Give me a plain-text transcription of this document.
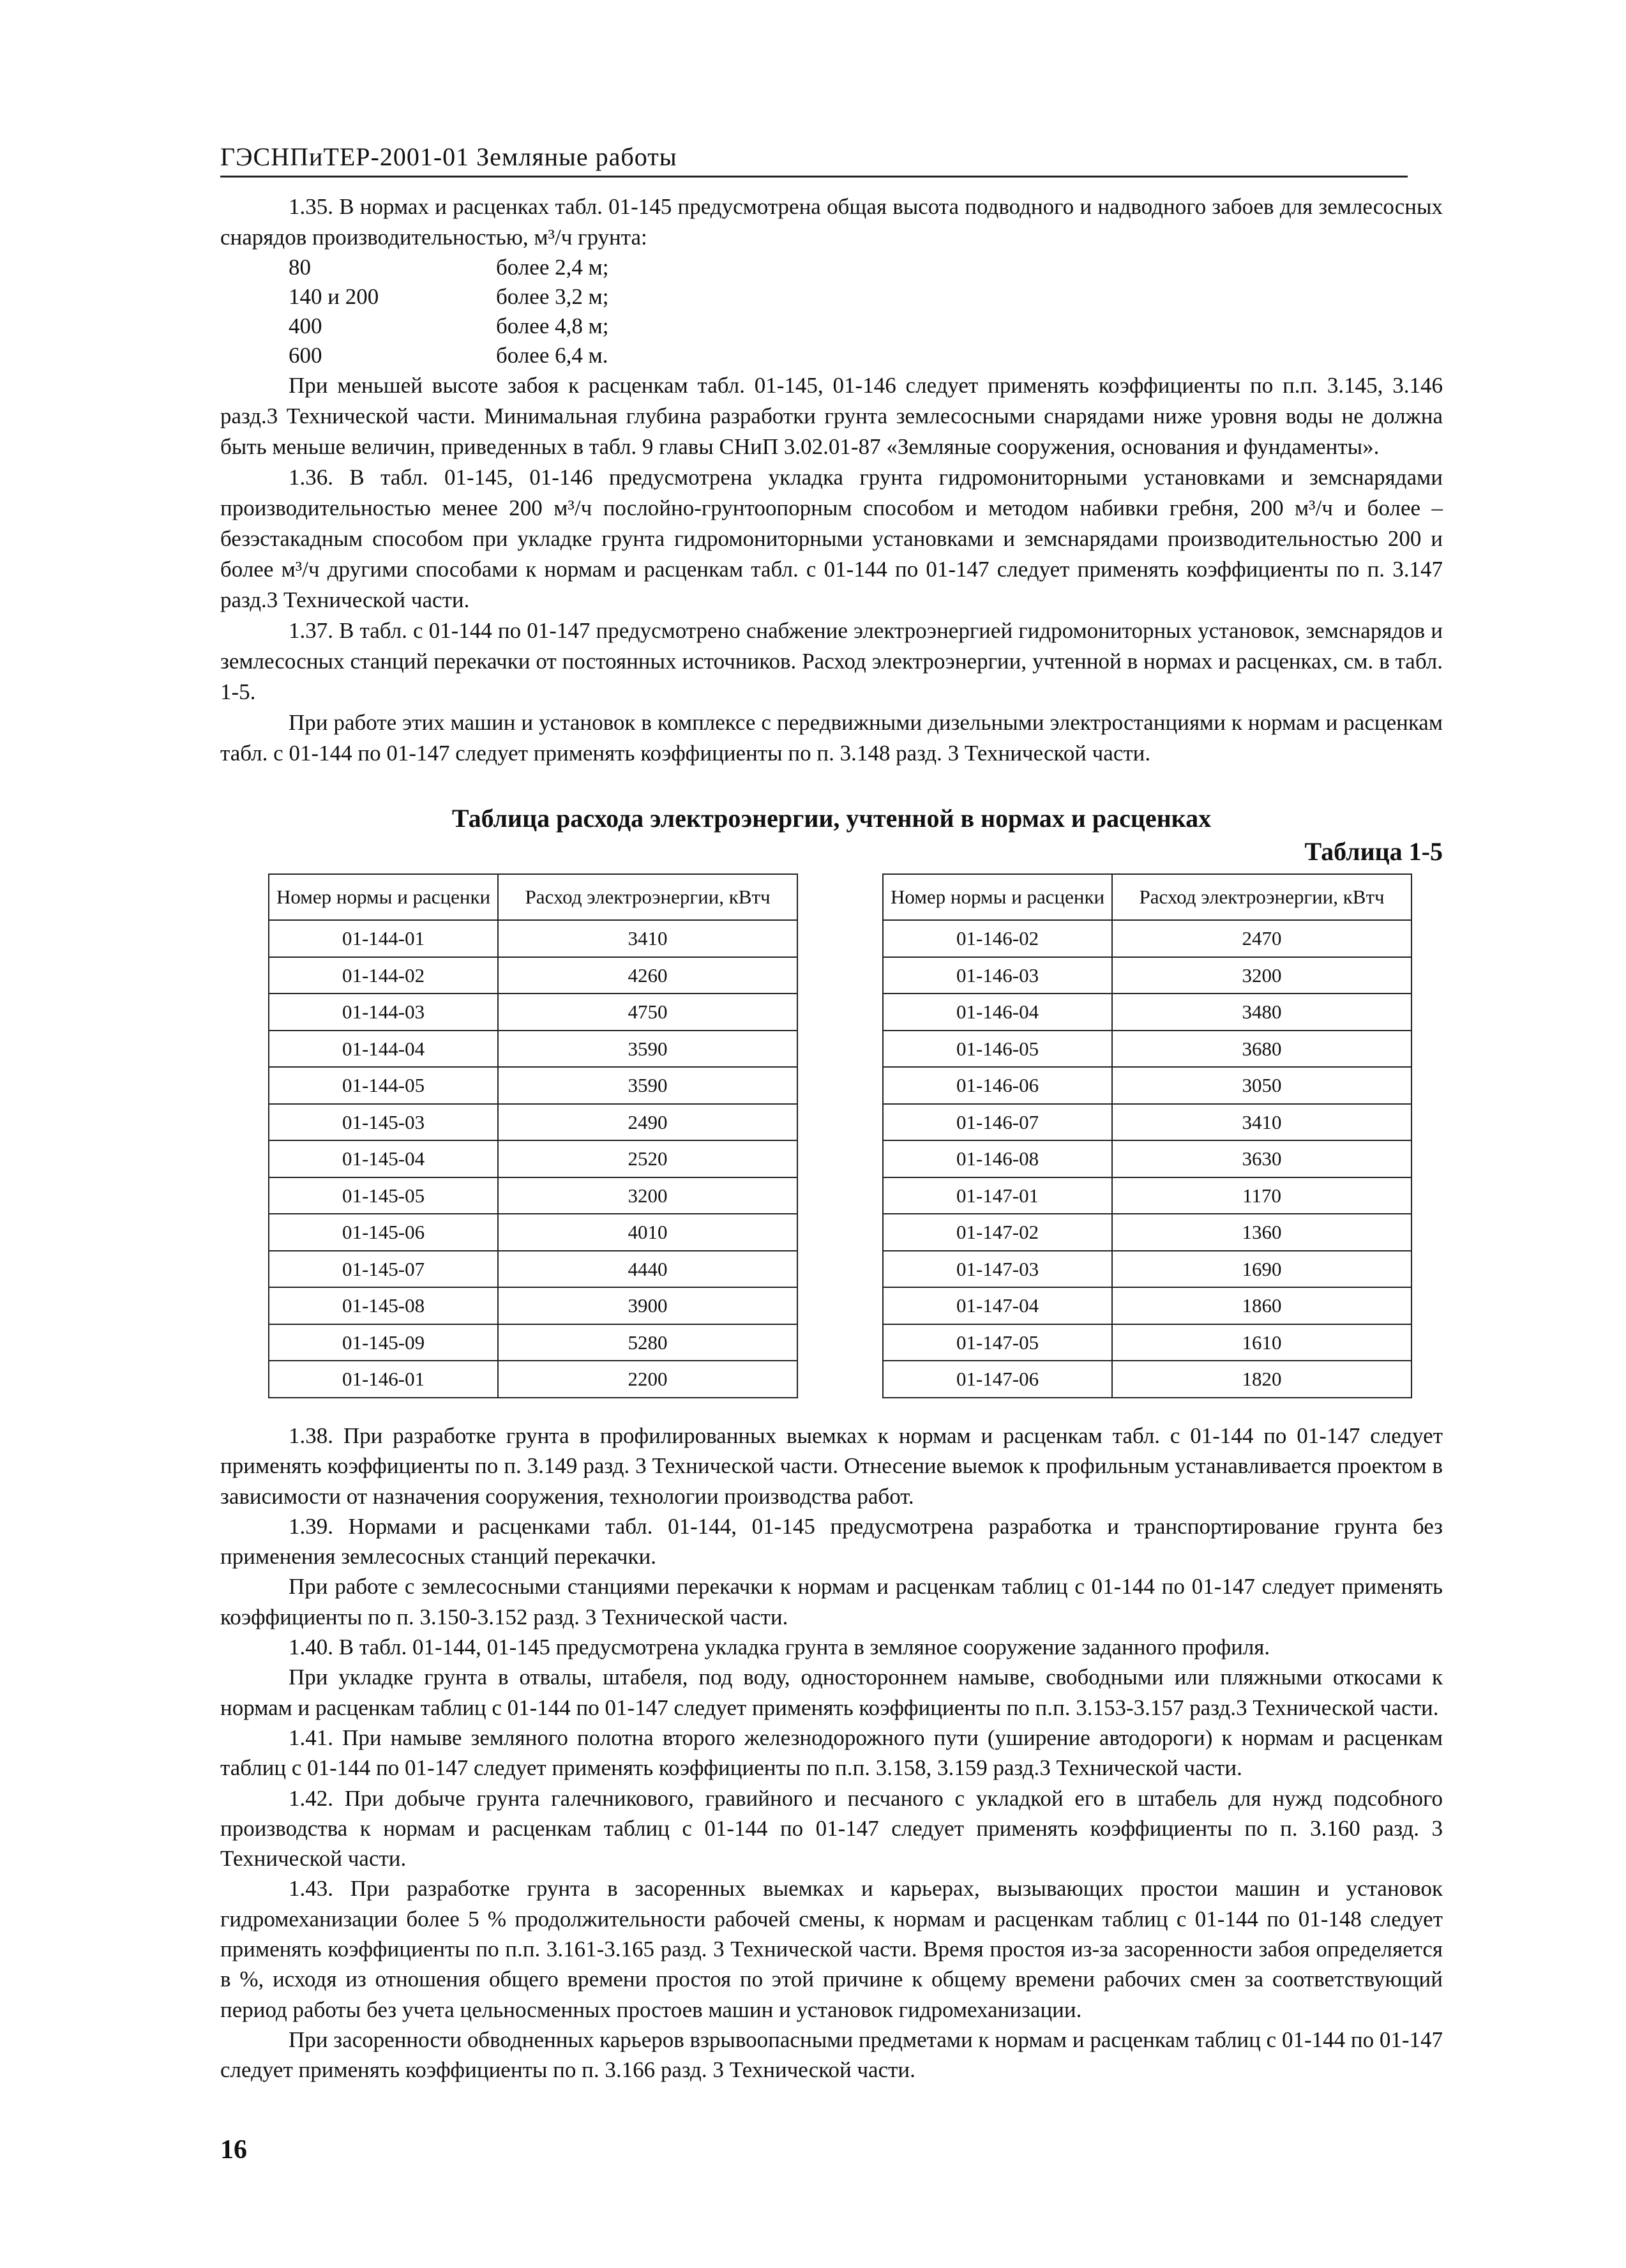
ГЭСНПиТЕР-2001-01 Земляные работы

1.35. В нормах и расценках табл. 01-145 предусмотрена общая высота подводного и надводного забоев для землесосных снарядов производительностью, м³/ч грунта:

80	более 2,4 м;
140 и 200	более 3,2 м;
400	более 4,8 м;
600	более 6,4 м.

При меньшей высоте забоя к расценкам табл. 01-145, 01-146 следует применять коэффициенты по п.п. 3.145, 3.146 разд.3 Технической части. Минимальная глубина разработки грунта землесосными снарядами ниже уровня воды не должна быть меньше величин, приведенных в табл. 9 главы СНиП 3.02.01-87 «Земляные сооружения, основания и фундаменты».

1.36. В табл. 01-145, 01-146 предусмотрена укладка грунта гидромониторными установками и земснарядами производительностью менее 200 м³/ч послойно-грунтоопорным способом и методом набивки гребня, 200 м³/ч и более – безэстакадным способом при укладке грунта гидромониторными установками и земснарядами производительностью 200 и более м³/ч другими способами к нормам и расценкам табл. с 01-144 по 01-147 следует применять коэффициенты по п. 3.147 разд.3 Технической части.

1.37. В табл. с 01-144 по 01-147 предусмотрено снабжение электроэнергией гидромониторных установок, земснарядов и землесосных станций перекачки от постоянных источников. Расход электроэнергии, учтенной в нормах и расценках, см. в табл. 1-5.

При работе этих машин и установок в комплексе с передвижными дизельными электростанциями к нормам и расценкам табл. с 01-144 по 01-147 следует применять коэффициенты по п. 3.148 разд. 3 Технической части.

Таблица расхода электроэнергии, учтенной в нормах и расценках
Таблица 1-5
Номер нормы и расценки	Расход электроэнергии, кВтч
01-144-01	3410
01-144-02	4260
01-144-03	4750
01-144-04	3590
01-144-05	3590
01-145-03	2490
01-145-04	2520
01-145-05	3200
01-145-06	4010
01-145-07	4440
01-145-08	3900
01-145-09	5280
01-146-01	2200
Номер нормы и расценки	Расход электроэнергии, кВтч
01-146-02	2470
01-146-03	3200
01-146-04	3480
01-146-05	3680
01-146-06	3050
01-146-07	3410
01-146-08	3630
01-147-01	1170
01-147-02	1360
01-147-03	1690
01-147-04	1860
01-147-05	1610
01-147-06	1820

1.38. При разработке грунта в профилированных выемках к нормам и расценкам табл. с 01-144 по 01-147 следует применять коэффициенты по п. 3.149 разд. 3 Технической части. Отнесение выемок к профильным устанавливается проектом в зависимости от назначения сооружения, технологии производства работ.

1.39. Нормами и расценками табл. 01-144, 01-145 предусмотрена разработка и транспортирование грунта без применения землесосных станций перекачки.

При работе с землесосными станциями перекачки к нормам и расценкам таблиц с 01-144 по 01-147 следует применять коэффициенты по п. 3.150-3.152 разд. 3 Технической части.

1.40. В табл. 01-144, 01-145 предусмотрена укладка грунта в земляное сооружение заданного профиля.

При укладке грунта в отвалы, штабеля, под воду, одностороннем намыве, свободными или пляжными откосами к нормам и расценкам таблиц с 01-144 по 01-147 следует применять коэффициенты по п.п. 3.153-3.157 разд.3 Технической части.

1.41. При намыве земляного полотна второго железнодорожного пути (уширение автодороги) к нормам и расценкам таблиц с 01-144 по 01-147 следует применять коэффициенты по п.п. 3.158, 3.159 разд.3 Технической части.

1.42. При добыче грунта галечникового, гравийного и песчаного с укладкой его в штабель для нужд подсобного производства к нормам и расценкам таблиц с 01-144 по 01-147 следует применять коэффициенты по п. 3.160 разд. 3 Технической части.

1.43. При разработке грунта в засоренных выемках и карьерах, вызывающих простои машин и установок гидромеханизации более 5 % продолжительности рабочей смены, к нормам и расценкам таблиц с 01-144 по 01-148 следует применять коэффициенты по п.п. 3.161-3.165 разд. 3 Технической части. Время простоя из-за засоренности забоя определяется в %, исходя из отношения общего времени простоя по этой причине к общему времени рабочих смен за соответствующий период работы без учета цельносменных простоев машин и установок гидромеханизации.

При засоренности обводненных карьеров взрывоопасными предметами к нормам и расценкам таблиц с 01-144 по 01-147 следует применять коэффициенты по п. 3.166 разд. 3 Технической части.

16
